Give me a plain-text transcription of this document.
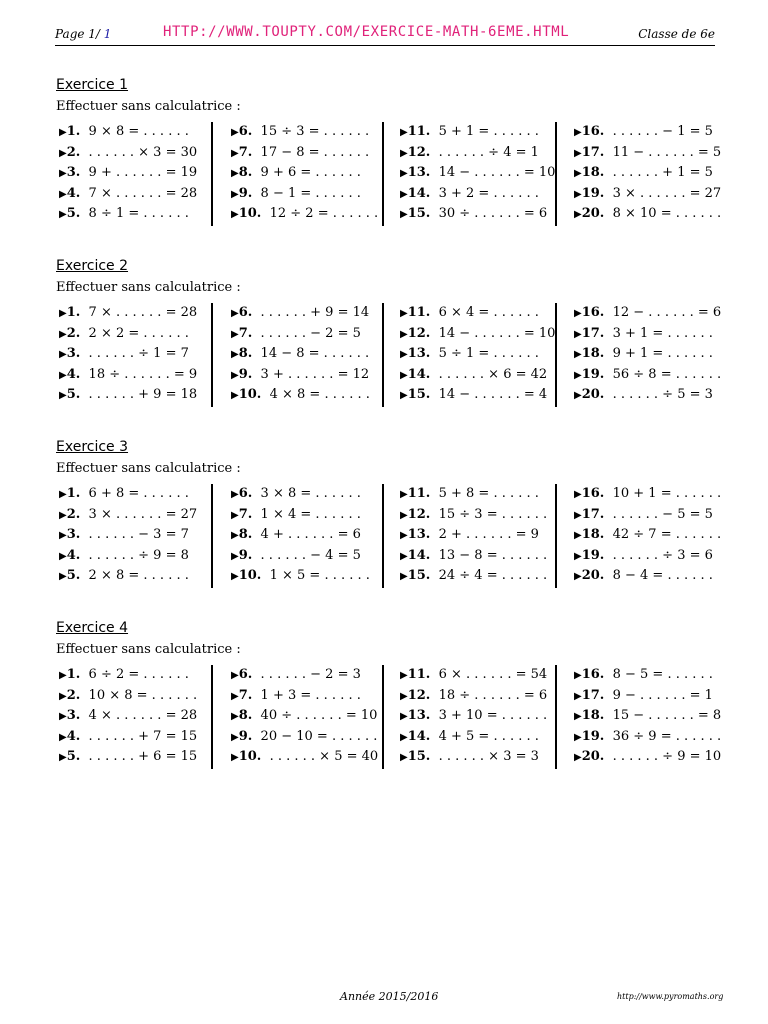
Page 1/ 1	HTTP://WWW.TOUPTY.COM/EXERCICE-MATH-6EME.HTML	Classe de 6e
Exercice 1
Effectuer sans calculatrice :
▶1. 9 × 8 = . . . . . .
▶2. . . . . . . × 3 = 30
▶3. 9 + . . . . . . = 19
▶4. 7 × . . . . . . = 28
▶5. 8 ÷ 1 = . . . . . .
▶6. 15 ÷ 3 = . . . . . .
▶7. 17 − 8 = . . . . . .
▶8. 9 + 6 = . . . . . .
▶9. 8 − 1 = . . . . . .
▶10. 12 ÷ 2 = . . . . . .
▶11. 5 + 1 = . . . . . .
▶12. . . . . . . ÷ 4 = 1
▶13. 14 − . . . . . . = 10
▶14. 3 + 2 = . . . . . .
▶15. 30 ÷ . . . . . . = 6
▶16. . . . . . . − 1 = 5
▶17. 11 − . . . . . . = 5
▶18. . . . . . . + 1 = 5
▶19. 3 × . . . . . . = 27
▶20. 8 × 10 = . . . . . .
Exercice 2
Effectuer sans calculatrice :
▶1. 7 × . . . . . . = 28
▶2. 2 × 2 = . . . . . .
▶3. . . . . . . ÷ 1 = 7
▶4. 18 ÷ . . . . . . = 9
▶5. . . . . . . + 9 = 18
▶6. . . . . . . + 9 = 14
▶7. . . . . . . − 2 = 5
▶8. 14 − 8 = . . . . . .
▶9. 3 + . . . . . . = 12
▶10. 4 × 8 = . . . . . .
▶11. 6 × 4 = . . . . . .
▶12. 14 − . . . . . . = 10
▶13. 5 ÷ 1 = . . . . . .
▶14. . . . . . . × 6 = 42
▶15. 14 − . . . . . . = 4
▶16. 12 − . . . . . . = 6
▶17. 3 + 1 = . . . . . .
▶18. 9 + 1 = . . . . . .
▶19. 56 ÷ 8 = . . . . . .
▶20. . . . . . . ÷ 5 = 3
Exercice 3
Effectuer sans calculatrice :
▶1. 6 + 8 = . . . . . .
▶2. 3 × . . . . . . = 27
▶3. . . . . . . − 3 = 7
▶4. . . . . . . ÷ 9 = 8
▶5. 2 × 8 = . . . . . .
▶6. 3 × 8 = . . . . . .
▶7. 1 × 4 = . . . . . .
▶8. 4 + . . . . . . = 6
▶9. . . . . . . − 4 = 5
▶10. 1 × 5 = . . . . . .
▶11. 5 + 8 = . . . . . .
▶12. 15 ÷ 3 = . . . . . .
▶13. 2 + . . . . . . = 9
▶14. 13 − 8 = . . . . . .
▶15. 24 ÷ 4 = . . . . . .
▶16. 10 + 1 = . . . . . .
▶17. . . . . . . − 5 = 5
▶18. 42 ÷ 7 = . . . . . .
▶19. . . . . . . ÷ 3 = 6
▶20. 8 − 4 = . . . . . .
Exercice 4
Effectuer sans calculatrice :
▶1. 6 ÷ 2 = . . . . . .
▶2. 10 × 8 = . . . . . .
▶3. 4 × . . . . . . = 28
▶4. . . . . . . + 7 = 15
▶5. . . . . . . + 6 = 15
▶6. . . . . . . − 2 = 3
▶7. 1 + 3 = . . . . . .
▶8. 40 ÷ . . . . . . = 10
▶9. 20 − 10 = . . . . . .
▶10. . . . . . . × 5 = 40
▶11. 6 × . . . . . . = 54
▶12. 18 ÷ . . . . . . = 6
▶13. 3 + 10 = . . . . . .
▶14. 4 + 5 = . . . . . .
▶15. . . . . . . × 3 = 3
▶16. 8 − 5 = . . . . . .
▶17. 9 − . . . . . . = 1
▶18. 15 − . . . . . . = 8
▶19. 36 ÷ 9 = . . . . . .
▶20. . . . . . . ÷ 9 = 10
Année 2015/2016	http://www.pyromaths.org
